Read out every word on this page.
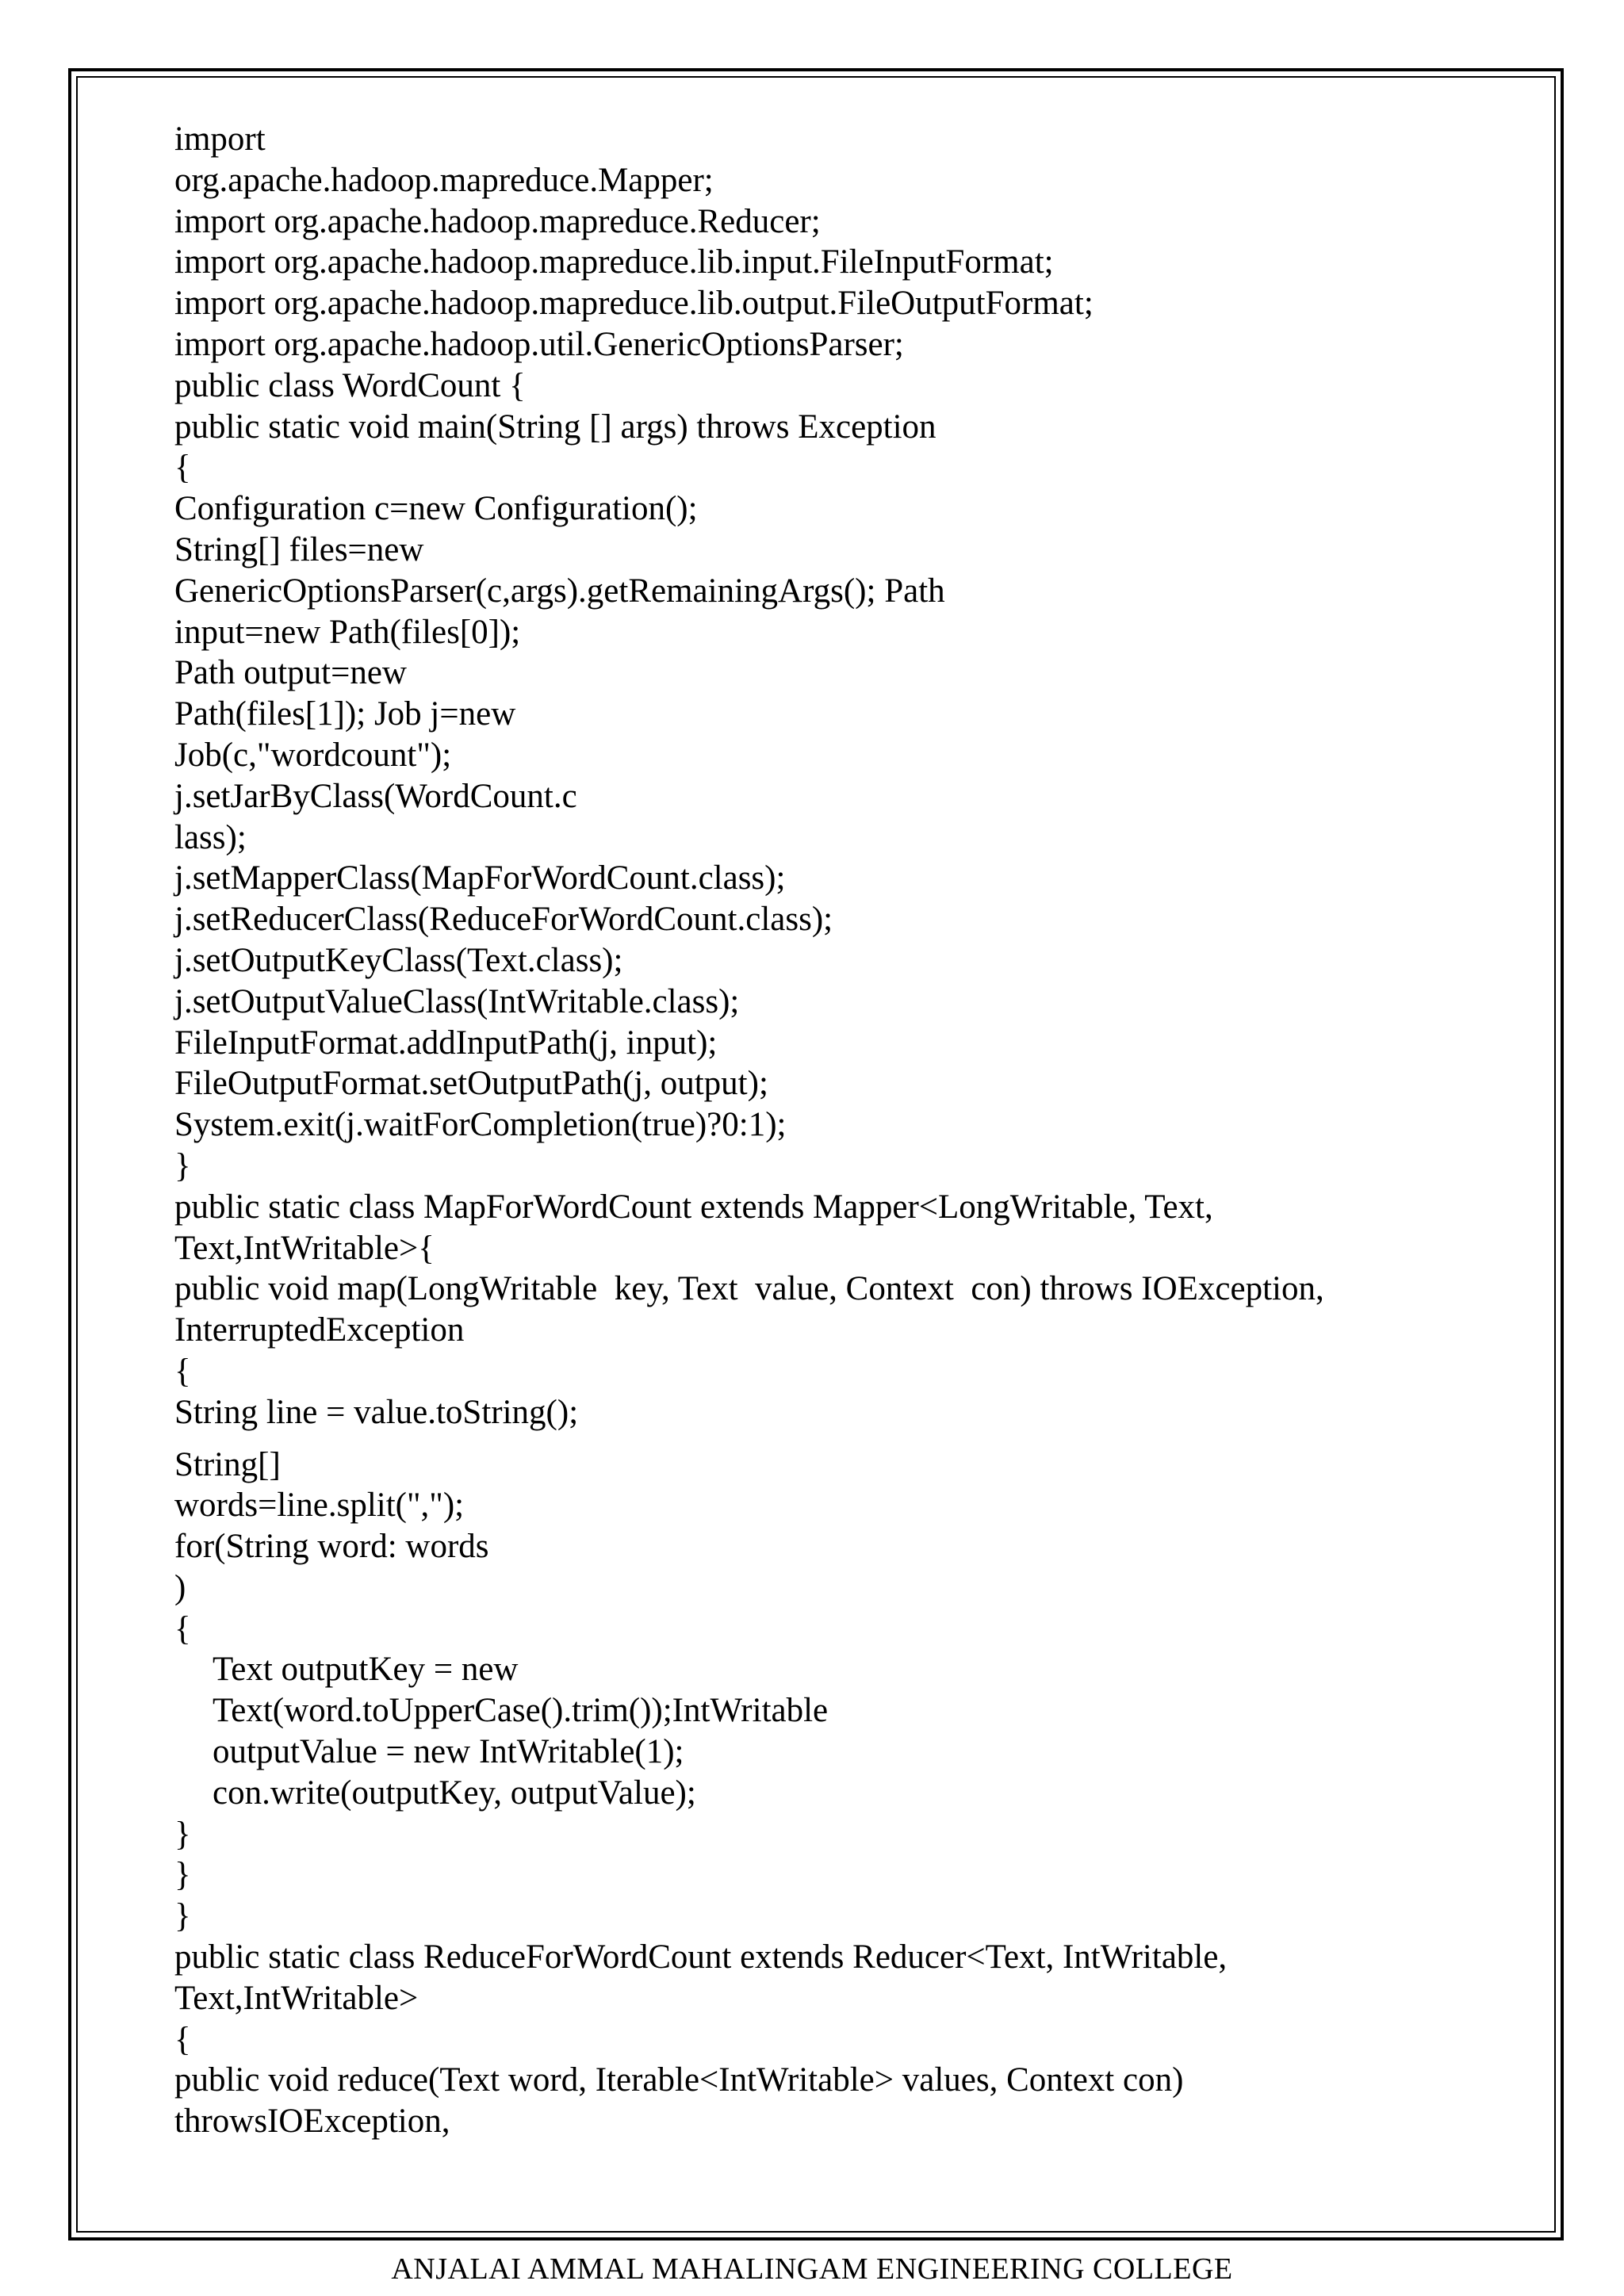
import
org.apache.hadoop.mapreduce.Mapper;
import org.apache.hadoop.mapreduce.Reducer;
import org.apache.hadoop.mapreduce.lib.input.FileInputFormat;
import org.apache.hadoop.mapreduce.lib.output.FileOutputFormat;
import org.apache.hadoop.util.GenericOptionsParser;
public class WordCount {
public static void main(String [] args) throws Exception
{
Configuration c=new Configuration();
String[] files=new
GenericOptionsParser(c,args).getRemainingArgs(); Path
input=new Path(files[0]);
Path output=new
Path(files[1]); Job j=new
Job(c,"wordcount");
j.setJarByClass(WordCount.c
lass);
j.setMapperClass(MapForWordCount.class);
j.setReducerClass(ReduceForWordCount.class);
j.setOutputKeyClass(Text.class);
j.setOutputValueClass(IntWritable.class);
FileInputFormat.addInputPath(j, input);
FileOutputFormat.setOutputPath(j, output);
System.exit(j.waitForCompletion(true)?0:1);
}
public static class MapForWordCount extends Mapper<LongWritable, Text,
Text,IntWritable>{
public void map(LongWritable  key, Text  value, Context  con) throws IOException,
InterruptedException
{
String line = value.toString();
String[]
words=line.split(",");
for(String word: words
)
{
Text outputKey = new
Text(word.toUpperCase().trim());IntWritable
outputValue = new IntWritable(1);
con.write(outputKey, outputValue);
}
}
}
public static class ReduceForWordCount extends Reducer<Text, IntWritable,
Text,IntWritable>
{
public void reduce(Text word, Iterable<IntWritable> values, Context con)
throwsIOException,

ANJALAI AMMAL MAHALINGAM ENGINEERING COLLEGE
